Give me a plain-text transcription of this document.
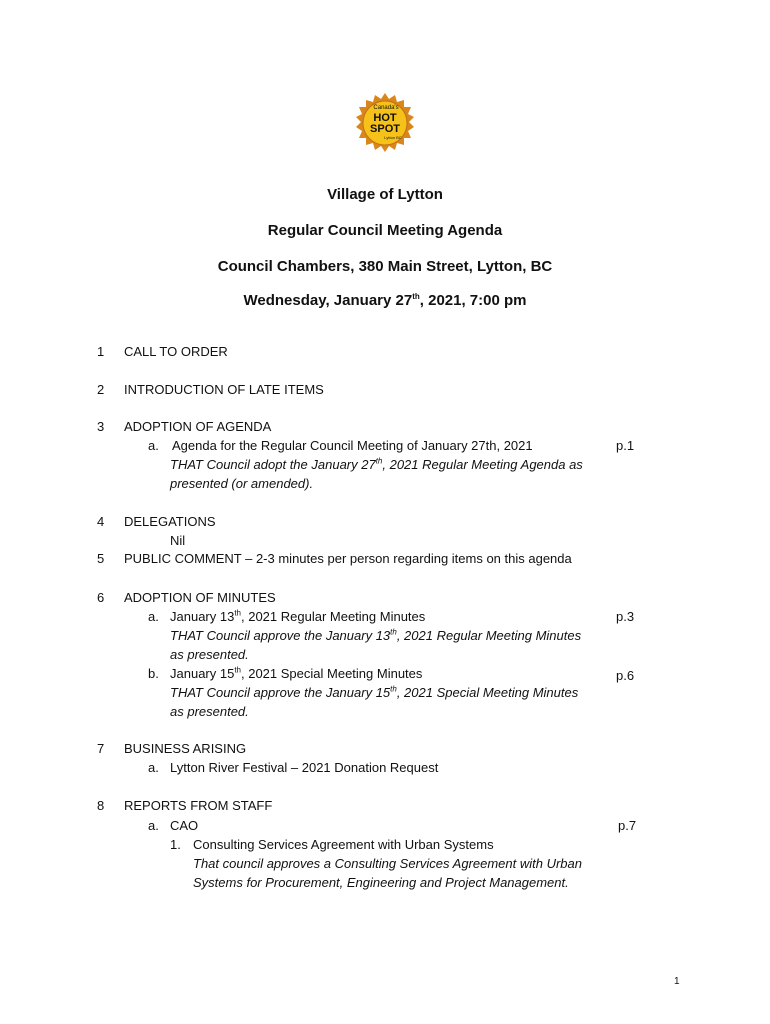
Canada's
HOT
SPOT
Lytton BC
Village of Lytton
Regular Council Meeting Agenda
Council Chambers, 380 Main Street, Lytton, BC
Wednesday, January 27th, 2021, 7:00 pm
1 CALL TO ORDER
2 INTRODUCTION OF LATE ITEMS
3 ADOPTION OF AGENDA
a. Agenda for the Regular Council Meeting of January 27th, 2021	p.1
THAT Council adopt the January 27th, 2021 Regular Meeting Agenda as
presented (or amended).
4 DELEGATIONS
Nil
5 PUBLIC COMMENT – 2-3 minutes per person regarding items on this agenda
6 ADOPTION OF MINUTES
a. January 13th, 2021 Regular Meeting Minutes	p.3
THAT Council approve the January 13th, 2021 Regular Meeting Minutes
as presented.
b. January 15th, 2021 Special Meeting Minutes	p.6
THAT Council approve the January 15th, 2021 Special Meeting Minutes
as presented.
7 BUSINESS ARISING
a. Lytton River Festival – 2021 Donation Request
8 REPORTS FROM STAFF
a. CAO	p.7
1. Consulting Services Agreement with Urban Systems
That council approves a Consulting Services Agreement with Urban
Systems for Procurement, Engineering and Project Management.
1
